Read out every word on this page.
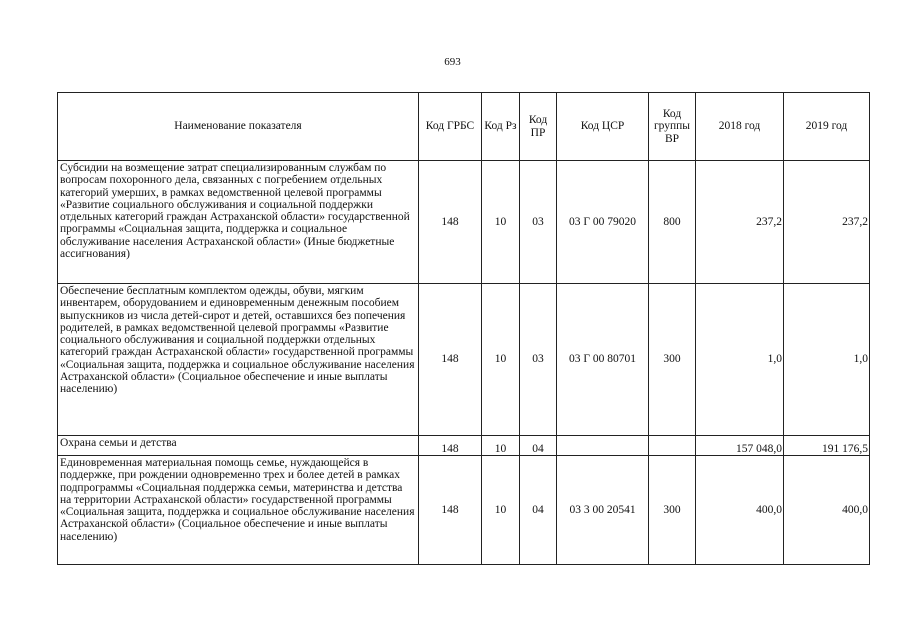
693
Наименование показателя	Код ГРБС	Код Рз	Код ПР	Код ЦСР	Код группы ВР	2018 год	2019 год
Субсидии на возмещение затрат специализированным службам по вопросам похоронного дела, связанных с погребением отдельных категорий умерших, в рамках ведомственной целевой программы «Развитие социального обслуживания и социальной поддержки отдельных категорий граждан Астраханской области» государственной программы «Социальная защита, поддержка и социальное обслуживание населения Астраханской области» (Иные бюджетные ассигнования)	148	10	03	03 Г 00 79020	800	237,2	237,2
Обеспечение бесплатным комплектом одежды, обуви, мягким инвентарем, оборудованием и единовременным денежным пособием выпускников из числа детей-сирот и детей, оставшихся без попечения родителей, в рамках ведомственной целевой программы «Развитие социального обслуживания и социальной поддержки отдельных категорий граждан Астраханской области» государственной программы «Социальная защита, поддержка и социальное обслуживание населения Астраханской области» (Социальное обеспечение и иные выплаты населению)	148	10	03	03 Г 00 80701	300	1,0	1,0
Охрана семьи и детства	148	10	04			157 048,0	191 176,5
Единовременная материальная помощь семье, нуждающейся в поддержке, при рождении одновременно трех и более детей в рамках подпрограммы «Социальная поддержка семьи, материнства и детства на территории Астраханской области» государственной программы «Социальная защита, поддержка и социальное обслуживание населения Астраханской области» (Социальное обеспечение и иные выплаты населению)	148	10	04	03 3 00 20541	300	400,0	400,0
